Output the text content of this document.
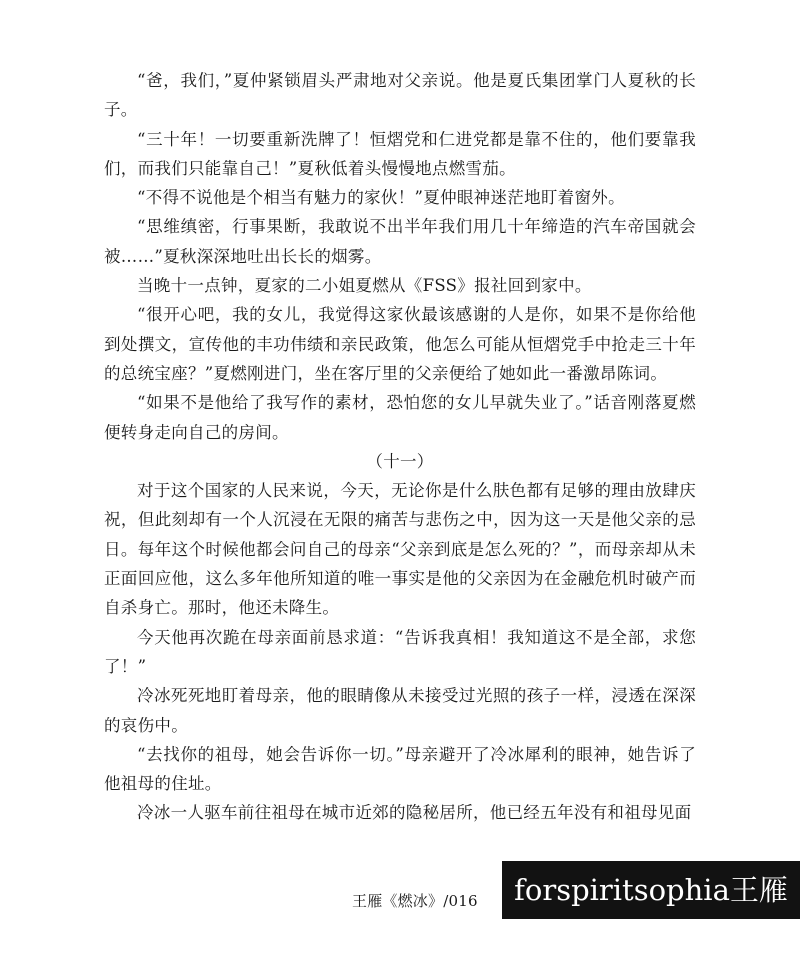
“爸，我们，”夏仲紧锁眉头严肃地对父亲说。他是夏氏集团掌门人夏秋的长子。

“三十年！一切要重新洗牌了！恒熠党和仁进党都是靠不住的，他们要靠我们，而我们只能靠自己！”夏秋低着头慢慢地点燃雪茄。

“不得不说他是个相当有魅力的家伙！”夏仲眼神迷茫地盯着窗外。

“思维缜密，行事果断，我敢说不出半年我们用几十年缔造的汽车帝国就会被……”夏秋深深地吐出长长的烟雾。

当晚十一点钟，夏家的二小姐夏燃从《FSS》报社回到家中。

“很开心吧，我的女儿，我觉得这家伙最该感谢的人是你，如果不是你给他到处撰文，宣传他的丰功伟绩和亲民政策，他怎么可能从恒熠党手中抢走三十年的总统宝座？”夏燃刚进门，坐在客厅里的父亲便给了她如此一番激昂陈词。

“如果不是他给了我写作的素材，恐怕您的女儿早就失业了。”话音刚落夏燃便转身走向自己的房间。

（十一）

对于这个国家的人民来说，今天，无论你是什么肤色都有足够的理由放肆庆祝，但此刻却有一个人沉浸在无限的痛苦与悲伤之中，因为这一天是他父亲的忌日。每年这个时候他都会问自己的母亲“父亲到底是怎么死的？”，而母亲却从未正面回应他，这么多年他所知道的唯一事实是他的父亲因为在金融危机时破产而自杀身亡。那时，他还未降生。

今天他再次跪在母亲面前恳求道：“告诉我真相！我知道这不是全部，求您了！”

冷冰死死地盯着母亲，他的眼睛像从未接受过光照的孩子一样，浸透在深深的哀伤中。

“去找你的祖母，她会告诉你一切。”母亲避开了冷冰犀利的眼神，她告诉了他祖母的住址。

冷冰一人驱车前往祖母在城市近郊的隐秘居所，他已经五年没有和祖母见面

王雁《燃冰》/016	forspiritsophia王雁
